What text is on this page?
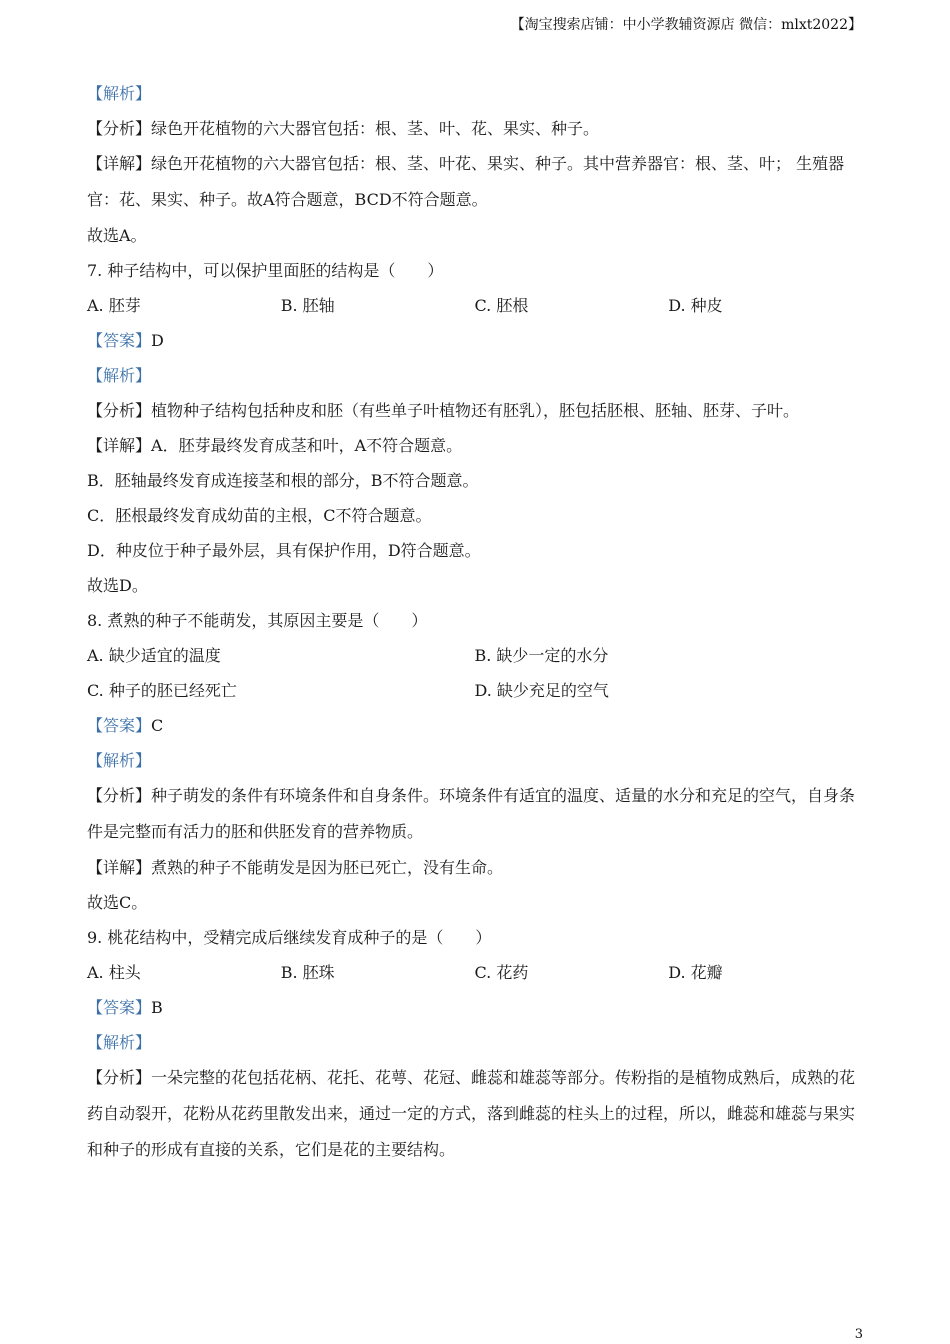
【淘宝搜索店铺：中小学教辅资源店 微信：mlxt2022】
【解析】
【分析】绿色开花植物的六大器官包括：根、茎、叶、花、果实、种子。
【详解】绿色开花植物的六大器官包括：根、茎、叶花、果实、种子。其中营养器官：根、茎、叶； 生殖器官：花、果实、种子。故A符合题意，BCD不符合题意。
故选A。
7. 种子结构中，可以保护里面胚的结构是（　　）
A. 胚芽	B. 胚轴	C. 胚根	D. 种皮
【答案】D
【解析】
【分析】植物种子结构包括种皮和胚（有些单子叶植物还有胚乳），胚包括胚根、胚轴、胚芽、子叶。
【详解】A．胚芽最终发育成茎和叶，A不符合题意。
B．胚轴最终发育成连接茎和根的部分，B不符合题意。
C．胚根最终发育成幼苗的主根，C不符合题意。
D．种皮位于种子最外层，具有保护作用，D符合题意。
故选D。
8. 煮熟的种子不能萌发，其原因主要是（　　）
A. 缺少适宜的温度	B. 缺少一定的水分
C. 种子的胚已经死亡	D. 缺少充足的空气
【答案】C
【解析】
【分析】种子萌发的条件有环境条件和自身条件。环境条件有适宜的温度、适量的水分和充足的空气，自身条件是完整而有活力的胚和供胚发育的营养物质。
【详解】煮熟的种子不能萌发是因为胚已死亡，没有生命。
故选C。
9. 桃花结构中，受精完成后继续发育成种子的是（　　）
A. 柱头	B. 胚珠	C. 花药	D. 花瓣
【答案】B
【解析】
【分析】一朵完整的花包括花柄、花托、花萼、花冠、雌蕊和雄蕊等部分。传粉指的是植物成熟后，成熟的花药自动裂开，花粉从花药里散发出来，通过一定的方式，落到雌蕊的柱头上的过程，所以，雌蕊和雄蕊与果实和种子的形成有直接的关系，它们是花的主要结构。
3
